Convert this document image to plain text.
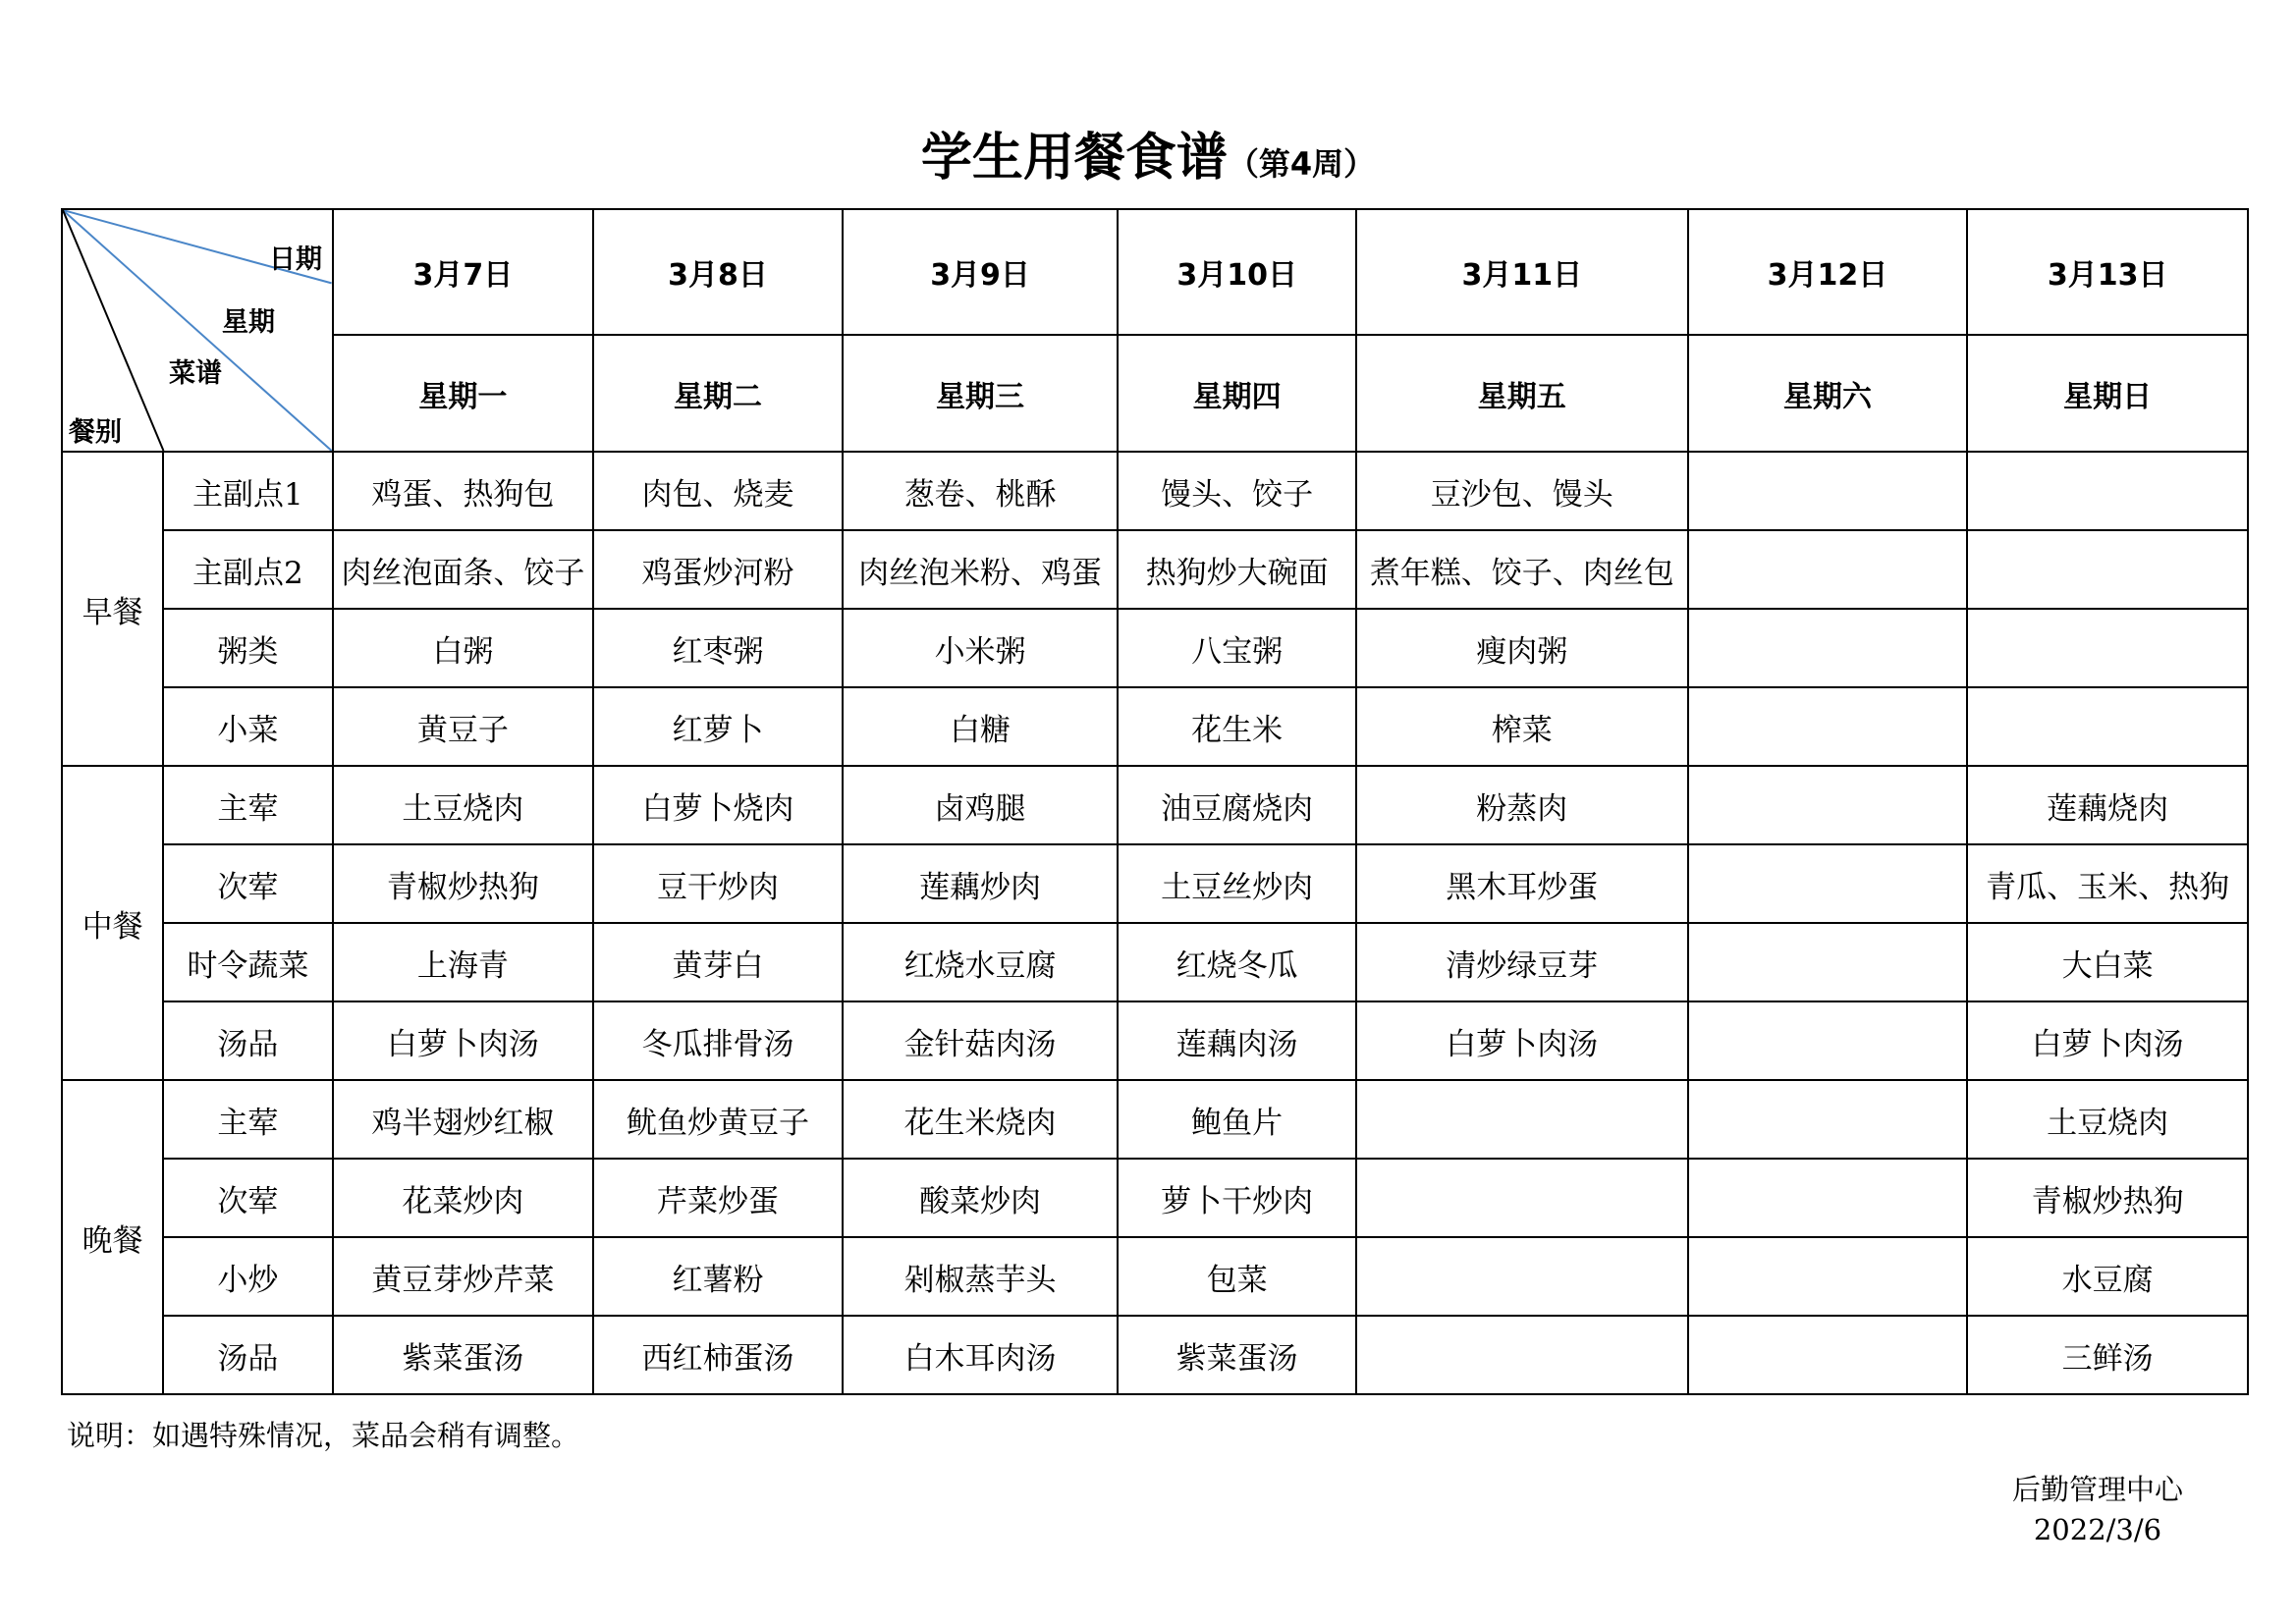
学生用餐食谱（第4周）
日期
星期
菜谱
餐别		3月7日	3月8日	3月9日	3月10日	3月11日	3月12日	3月13日
		星期一	星期二	星期三	星期四	星期五	星期六	星期日
早餐	主副点1	鸡蛋、热狗包	肉包、烧麦	葱卷、桃酥	馒头、饺子	豆沙包、馒头		
	主副点2	肉丝泡面条、饺子	鸡蛋炒河粉	肉丝泡米粉、鸡蛋	热狗炒大碗面	煮年糕、饺子、肉丝包		
	粥类	白粥	红枣粥	小米粥	八宝粥	瘦肉粥		
	小菜	黄豆子	红萝卜	白糖	花生米	榨菜		
中餐	主荤	土豆烧肉	白萝卜烧肉	卤鸡腿	油豆腐烧肉	粉蒸肉		莲藕烧肉
	次荤	青椒炒热狗	豆干炒肉	莲藕炒肉	土豆丝炒肉	黑木耳炒蛋		青瓜、玉米、热狗
	时令蔬菜	上海青	黄芽白	红烧水豆腐	红烧冬瓜	清炒绿豆芽		大白菜
	汤品	白萝卜肉汤	冬瓜排骨汤	金针菇肉汤	莲藕肉汤	白萝卜肉汤		白萝卜肉汤
晚餐	主荤	鸡半翅炒红椒	鱿鱼炒黄豆子	花生米烧肉	鲍鱼片			土豆烧肉
	次荤	花菜炒肉	芹菜炒蛋	酸菜炒肉	萝卜干炒肉			青椒炒热狗
	小炒	黄豆芽炒芹菜	红薯粉	剁椒蒸芋头	包菜			水豆腐
	汤品	紫菜蛋汤	西红柿蛋汤	白木耳肉汤	紫菜蛋汤			三鲜汤
说明：如遇特殊情况，菜品会稍有调整。
后勤管理中心
2022/3/6
